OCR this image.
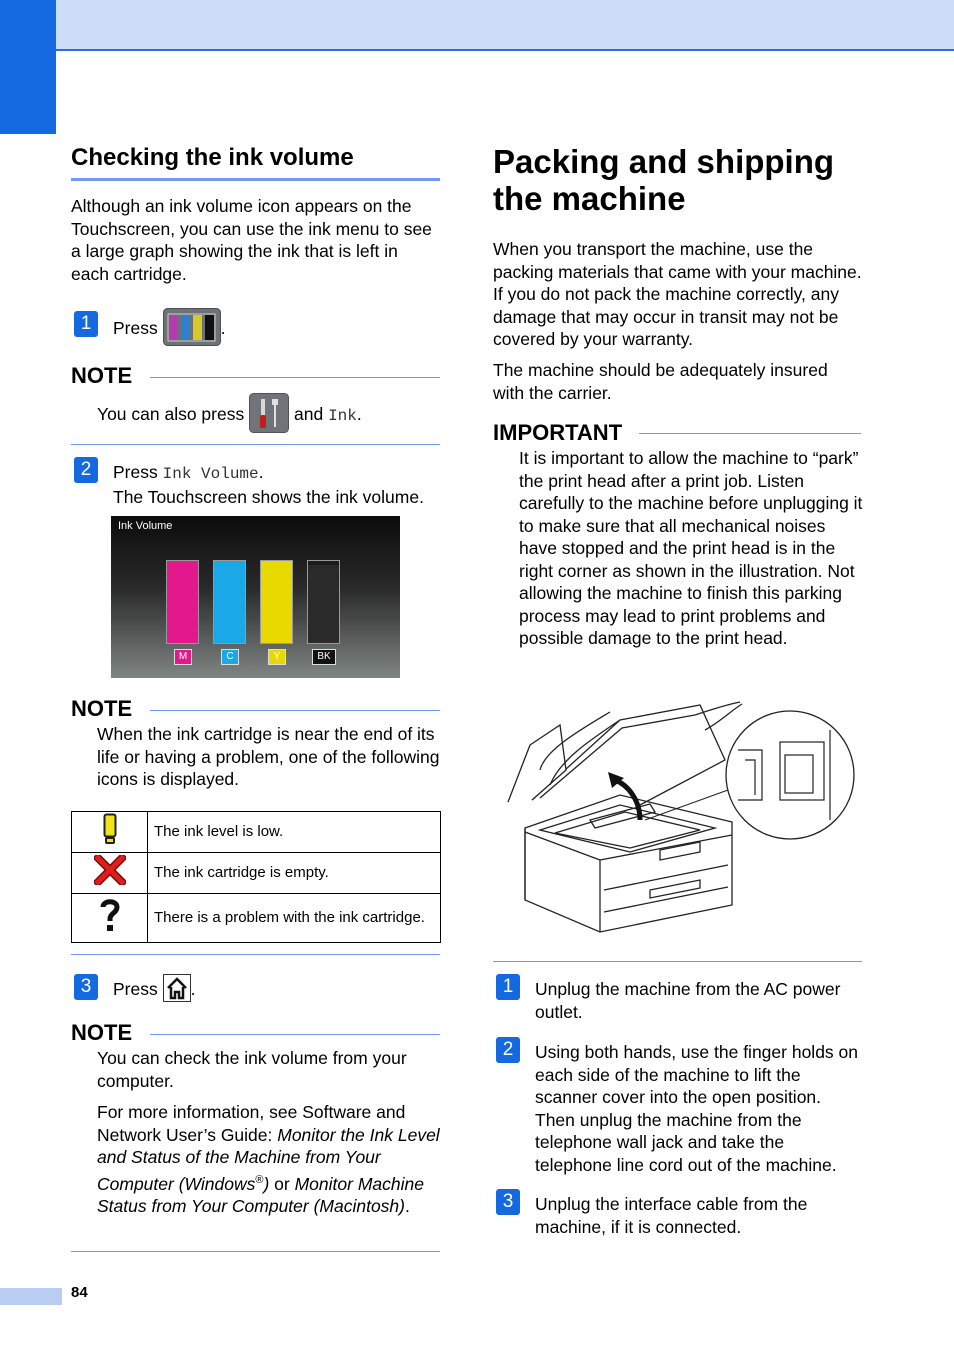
84
Checking the ink volume

Although an ink volume icon appears on the Touchscreen, you can use the ink menu to see a large graph showing the ink that is left in each cartridge.

1	Press	.
NOTE
You can also press	and Ink.
2	Press Ink Volume.
The Touchscreen shows the ink volume.
Ink Volume
M	C	Y	BK
NOTE

When the ink cartridge is near the end of its life or having a problem, one of the following icons is displayed.

	The ink level is low.
	The ink cartridge is empty.
	There is a problem with the ink cartridge.
3	Press .
NOTE

You can check the ink volume from your computer.

For more information, see Software and Network User’s Guide: Monitor the Ink Level and Status of the Machine from Your Computer (Windows®) or Monitor Machine Status from Your Computer (Macintosh).

Packing and shipping
the machine

When you transport the machine, use the packing materials that came with your machine. If you do not pack the machine correctly, any damage that may occur in transit may not be covered by your warranty.

The machine should be adequately insured with the carrier.

IMPORTANT

It is important to allow the machine to “park” the print head after a print job. Listen carefully to the machine before unplugging it to make sure that all mechanical noises have stopped and the print head is in the right corner as shown in the illustration. Not allowing the machine to finish this parking process may lead to print problems and possible damage to the print head.

1	Unplug the machine from the AC power outlet.

2	Using both hands, use the finger holds on each side of the machine to lift the scanner cover into the open position. Then unplug the machine from the telephone wall jack and take the telephone line cord out of the machine.

3	Unplug the interface cable from the machine, if it is connected.
